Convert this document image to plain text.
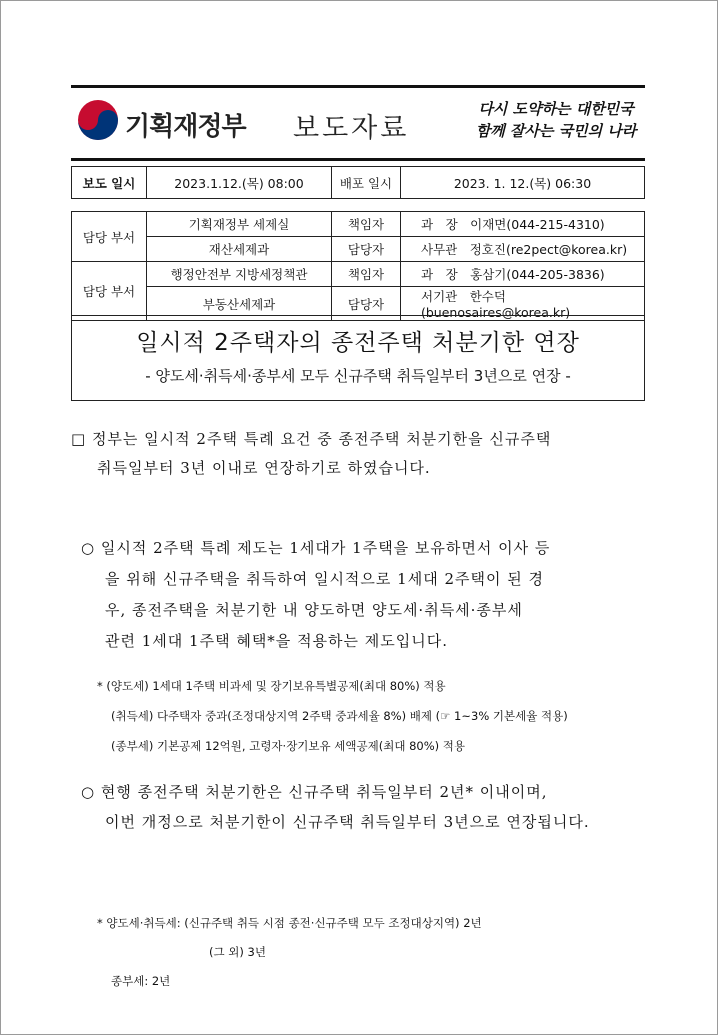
기획재정부 보도자료
다시 도약하는 대한민국
함께 잘사는 국민의 나라
보도 일시	2023.1.12.(목) 08:00	배포 일시	2023. 1. 12.(목) 06:30
담당 부서	기획재정부 세제실	책임자	과　장　이재면(044-215-4310)
	재산세제과	담당자	사무관　정호진(re2pect@korea.kr)
담당 부서	행정안전부 지방세정책관	책임자	과　장　홍삼기(044-205-3836)
	부동산세제과	담당자	서기관　한수덕(buenosaires@korea.kr)
일시적 2주택자의 종전주택 처분기한 연장
- 양도세·취득세·종부세 모두 신규주택 취득일부터 3년으로 연장 -
□ 정부는 일시적 2주택 특례 요건 중 종전주택 처분기한을 신규주택
취득일부터 3년 이내로 연장하기로 하였습니다.
○ 일시적 2주택 특례 제도는 1세대가 1주택을 보유하면서 이사 등
을 위해 신규주택을 취득하여 일시적으로 1세대 2주택이 된 경
우, 종전주택을 처분기한 내 양도하면 양도세·취득세·종부세
관련 1세대 1주택 혜택*을 적용하는 제도입니다.
* (양도세) 1세대 1주택 비과세 및 장기보유특별공제(최대 80%) 적용
(취득세) 다주택자 중과(조정대상지역 2주택 중과세율 8%) 배제 (☞ 1~3% 기본세율 적용)
(종부세) 기본공제 12억원, 고령자·장기보유 세액공제(최대 80%) 적용
○ 현행 종전주택 처분기한은 신규주택 취득일부터 2년* 이내이며,
이번 개정으로 처분기한이 신규주택 취득일부터 3년으로 연장됩니다.
* 양도세·취득세: (신규주택 취득 시점 종전·신규주택 모두 조정대상지역) 2년
(그 외) 3년
종부세: 2년
